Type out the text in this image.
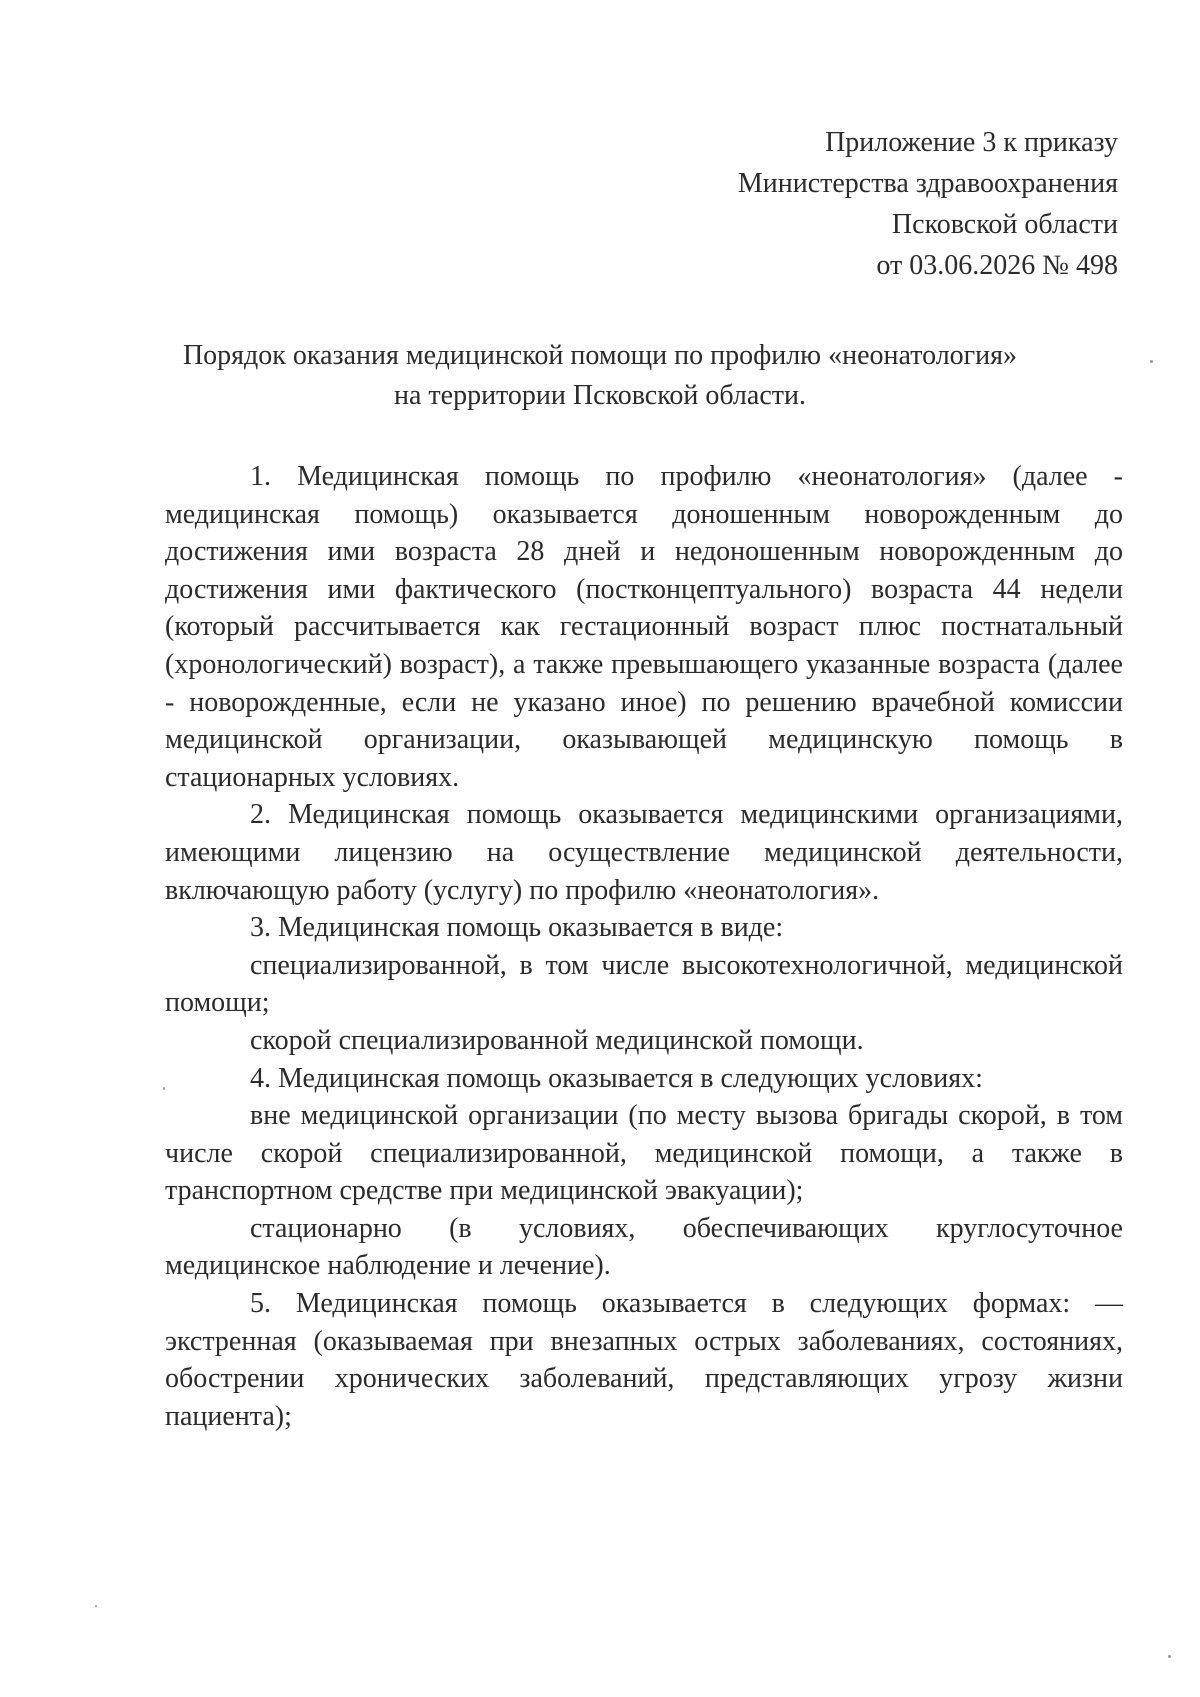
Приложение 3 к приказу
Министерства здравоохранения
Псковской области
от 03.06.2026 № 498
Порядок оказания медицинской помощи по профилю «неонатология»
на территории Псковской области.

1. Медицинская помощь по профилю «неонатология» (далее - медицинская помощь) оказывается доношенным новорожденным до достижения ими возраста 28 дней и недоношенным новорожденным до достижения ими фактического (постконцептуального) возраста 44 недели (который рассчитывается как гестационный возраст плюс постнатальный (хронологический) возраст), а также превышающего указанные возраста (далее - новорожденные, если не указано иное) по решению врачебной комиссии медицинской организации, оказывающей медицинскую помощь в стационарных условиях.

2. Медицинская помощь оказывается медицинскими организациями, имеющими лицензию на осуществление медицинской деятельности, включающую работу (услугу) по профилю «неонатология».

3. Медицинская помощь оказывается в виде:

специализированной, в том числе высокотехнологичной, медицинской помощи;

скорой специализированной медицинской помощи.

4. Медицинская помощь оказывается в следующих условиях:

вне медицинской организации (по месту вызова бригады скорой, в том числе скорой специализированной, медицинской помощи, а также в транспортном средстве при медицинской эвакуации);

стационарно (в условиях, обеспечивающих круглосуточное медицинское наблюдение и лечение).

5. Медицинская помощь оказывается в следующих формах: —экстренная (оказываемая при внезапных острых заболеваниях, состояниях, обострении хронических заболеваний, представляющих угрозу жизни пациента);
